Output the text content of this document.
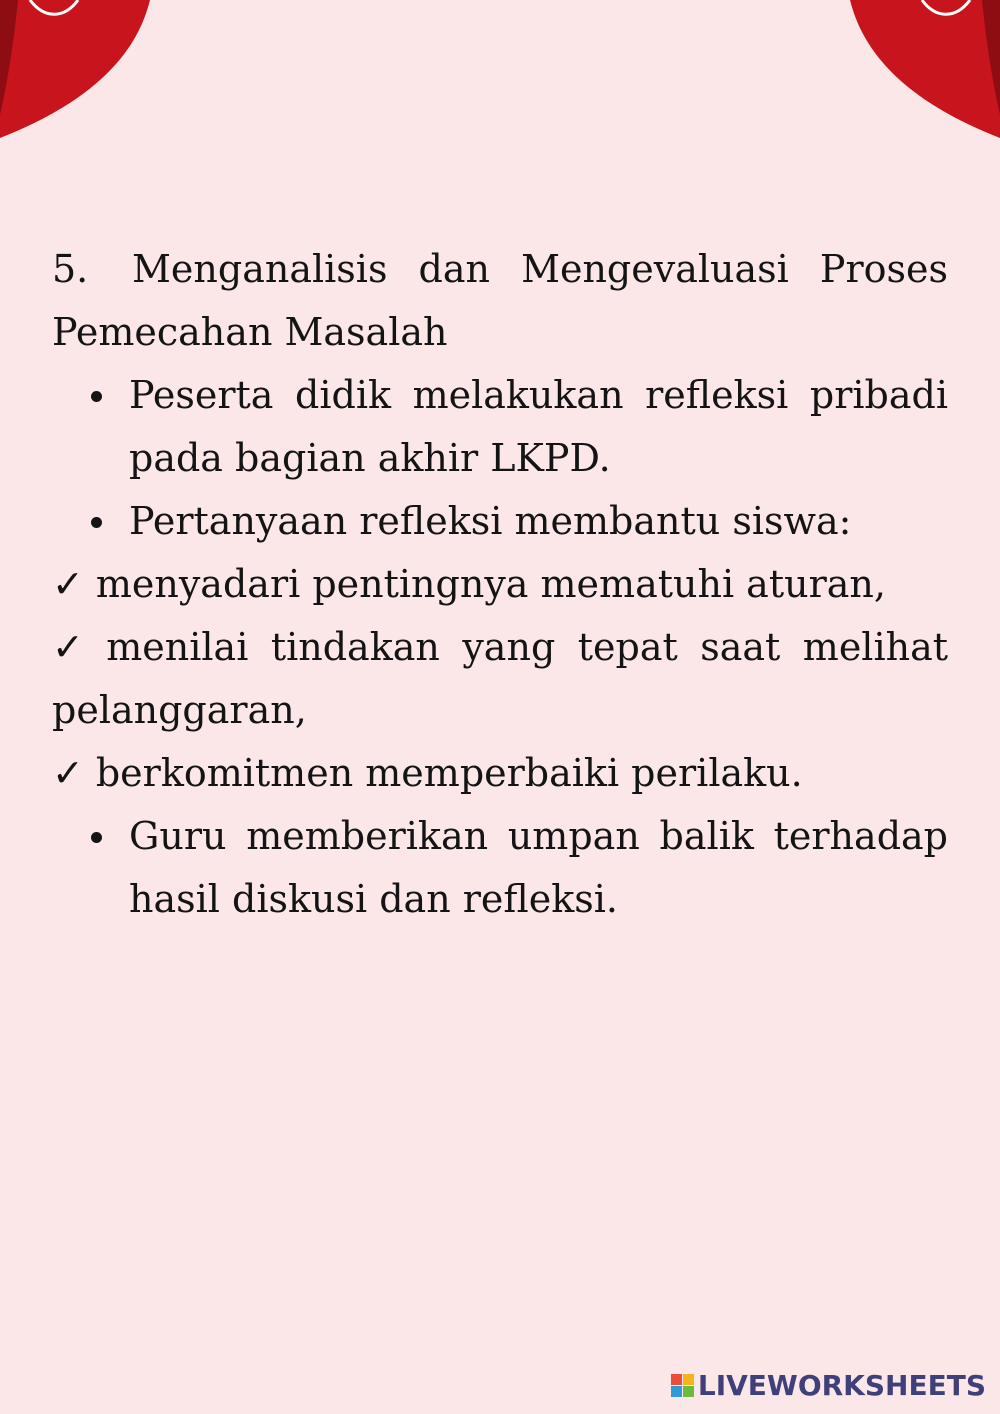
5. Menganalisis dan Mengevaluasi Proses Pemecahan Masalah
Peserta didik melakukan refleksi pribadi pada bagian akhir LKPD.
Pertanyaan refleksi membantu siswa:
✓ menyadari pentingnya mematuhi aturan,
✓ menilai tindakan yang tepat saat melihat pelanggaran,
✓ berkomitmen memperbaiki perilaku.
Guru memberikan umpan balik terhadap hasil diskusi dan refleksi.
LIVEWORKSHEETS
